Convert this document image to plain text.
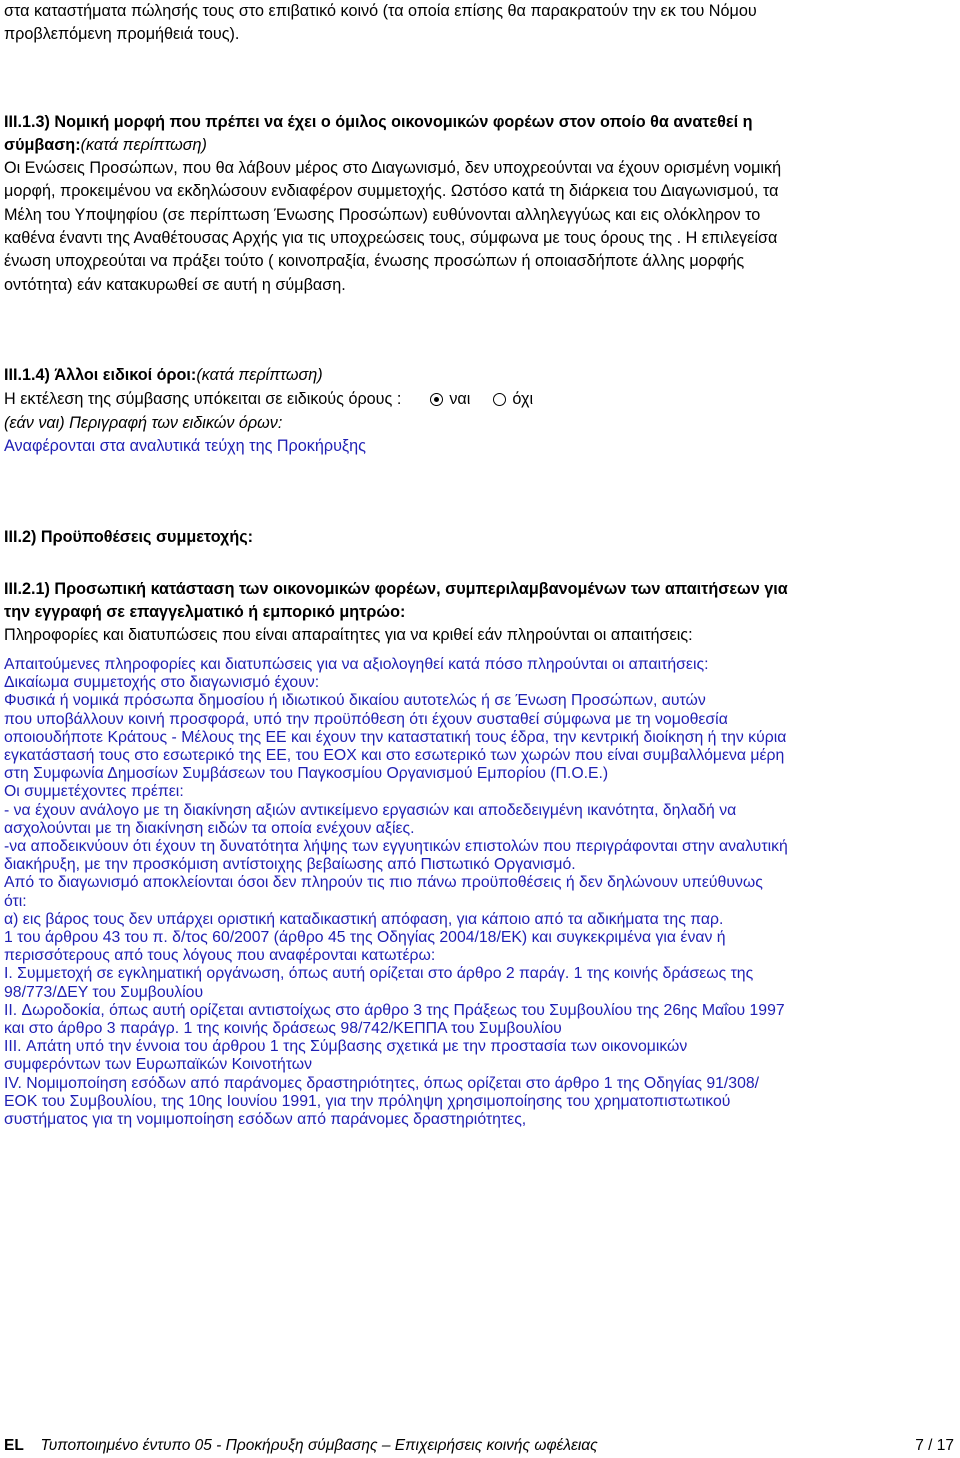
στα καταστήματα πώλησής τους στο επιβατικό κοινό (τα οποία επίσης θα παρακρατούν την εκ του Νόμου
προβλεπόμενη προμήθειά τους).
III.1.3) Νομική μορφή που πρέπει να έχει ο όμιλος οικονομικών φορέων στον οποίο θα ανατεθεί η
σύμβαση:(κατά περίπτωση)
Οι Ενώσεις Προσώπων, που θα λάβουν μέρος στο Διαγωνισμό, δεν υποχρεούνται να έχουν ορισμένη νομική
μορφή, προκειμένου να εκδηλώσουν ενδιαφέρον συμμετοχής. Ωστόσο κατά τη διάρκεια του Διαγωνισμού, τα
Μέλη του Υποψηφίου (σε περίπτωση Ένωσης Προσώπων) ευθύνονται αλληλεγγύως και εις ολόκληρον το
καθένα έναντι της Αναθέτουσας Αρχής για τις υποχρεώσεις τους, σύμφωνα με τους όρους της . Η επιλεγείσα
ένωση υποχρεούται να πράξει τούτο ( κοινοπραξία, ένωσης προσώπων ή οποιασδήποτε άλλης μορφής
οντότητα) εάν κατακυρωθεί σε αυτή η σύμβαση.
III.1.4) Άλλοι ειδικοί όροι:(κατά περίπτωση)
Η εκτέλεση της σύμβασης υπόκειται σε ειδικούς όρους :	ναι	όχι
(εάν ναι) Περιγραφή των ειδικών όρων:
Αναφέρονται στα αναλυτικά τεύχη της Προκήρυξης
III.2) Προϋποθέσεις συμμετοχής:
III.2.1) Προσωπική κατάσταση των οικονομικών φορέων, συμπεριλαμβανομένων των απαιτήσεων για
την εγγραφή σε επαγγελματικό ή εμπορικό μητρώο:
Πληροφορίες και διατυπώσεις που είναι απαραίτητες για να κριθεί εάν πληρούνται οι απαιτήσεις:
Απαιτούμενες πληροφορίες και διατυπώσεις για να αξιολογηθεί κατά πόσο πληρούνται οι απαιτήσεις:
Δικαίωμα συμμετοχής στο διαγωνισμό έχουν:
Φυσικά ή νομικά πρόσωπα δημοσίου ή ιδιωτικού δικαίου αυτοτελώς ή σε Ένωση Προσώπων, αυτών
που υποβάλλουν κοινή προσφορά, υπό την προϋπόθεση ότι έχουν συσταθεί σύμφωνα με τη νομοθεσία
οποιουδήποτε Κράτους - Μέλους της ΕΕ και έχουν την καταστατική τους έδρα, την κεντρική διοίκηση ή την κύρια
εγκατάστασή τους στο εσωτερικό της ΕΕ, του ΕΟΧ και στο εσωτερικό των χωρών που είναι συμβαλλόμενα μέρη
στη Συμφωνία Δημοσίων Συμβάσεων του Παγκοσμίου Οργανισμού Εμπορίου (Π.Ο.Ε.)
Οι συμμετέχοντες πρέπει:
- να έχουν ανάλογο με τη διακίνηση αξιών αντικείμενο εργασιών και αποδεδειγμένη ικανότητα, δηλαδή να
ασχολούνται με τη διακίνηση ειδών τα οποία ενέχουν αξίες.
-να αποδεικνύουν ότι έχουν τη δυνατότητα λήψης των εγγυητικών επιστολών που περιγράφονται στην αναλυτική
διακήρυξη, με την προσκόμιση αντίστοιχης βεβαίωσης από Πιστωτικό Οργανισμό.
Από το διαγωνισμό αποκλείονται όσοι δεν πληρούν τις πιο πάνω προϋποθέσεις ή δεν δηλώνουν υπεύθυνως
ότι:
α) εις βάρος τους δεν υπάρχει οριστική καταδικαστική απόφαση, για κάποιο από τα αδικήματα της παρ.
1 του άρθρου 43 του π. δ/τος 60/2007 (άρθρο 45 της Οδηγίας 2004/18/ΕΚ) και συγκεκριμένα για έναν ή
περισσότερους από τους λόγους που αναφέρονται κατωτέρω:
I. Συμμετοχή σε εγκληματική οργάνωση, όπως αυτή ορίζεται στο άρθρο 2 παράγ. 1 της κοινής δράσεως της
98/773/ΔΕΥ του Συμβουλίου
II. Δωροδοκία, όπως αυτή ορίζεται αντιστοίχως στο άρθρο 3 της Πράξεως του Συμβουλίου της 26ης Μαΐου 1997
και στο άρθρο 3 παράγρ. 1 της κοινής δράσεως 98/742/ΚΕΠΠΑ του Συμβουλίου
III. Απάτη υπό την έννοια του άρθρου 1 της Σύμβασης σχετικά με την προστασία των οικονομικών
συμφερόντων των Ευρωπαϊκών Κοινοτήτων
IV. Νομιμοποίηση εσόδων από παράνομες δραστηριότητες, όπως ορίζεται στο άρθρο 1 της Οδηγίας 91/308/
ΕΟΚ του Συμβουλίου, της 10ης Ιουνίου 1991, για την πρόληψη χρησιμοποίησης του χρηματοπιστωτικού
συστήματος για τη νομιμοποίηση εσόδων από παράνομες δραστηριότητες,
EL Τυποποιημένο έντυπο 05 - Προκήρυξη σύμβασης – Επιχειρήσεις κοινής ωφέλειας	7 / 17
